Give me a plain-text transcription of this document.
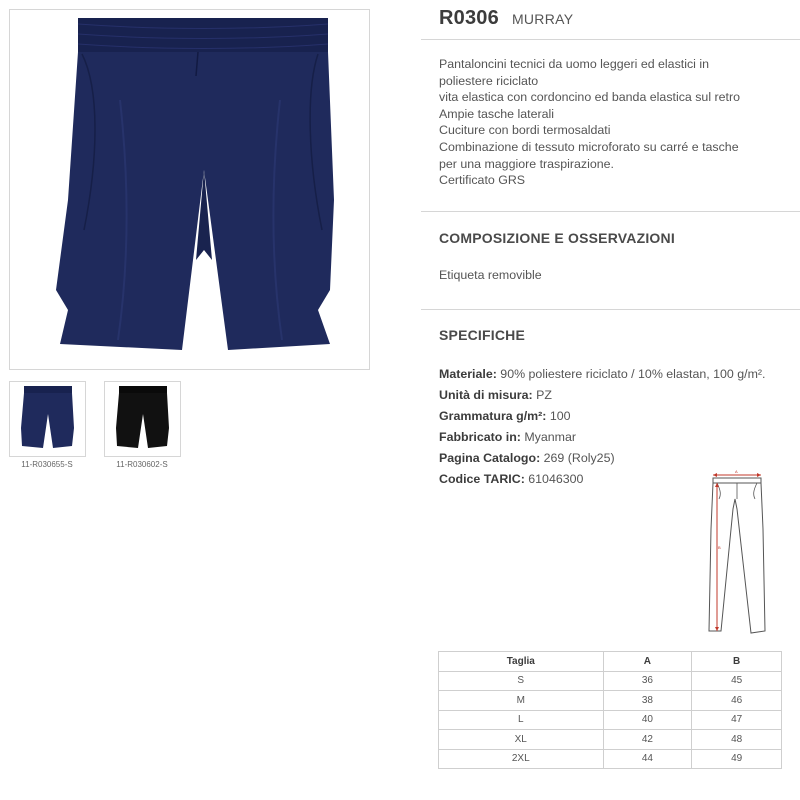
11-R030655-S	11-R030602-S
R0306 MURRAY
Pantaloncini tecnici da uomo leggeri ed elastici in
poliestere riciclato
vita elastica con cordoncino ed banda elastica sul retro
Ampie tasche laterali
Cuciture con bordi termosaldati
Combinazione di tessuto microforato su carré e tasche
per una maggiore traspirazione.
Certificato GRS
COMPOSIZIONE E OSSERVAZIONI
Etiqueta removible
SPECIFICHE
Materiale: 90% poliestere riciclato / 10% elastan, 100 g/m².
Unità di misura: PZ
Grammatura g/m²: 100
Fabbricato in: Myanmar
Pagina Catalogo: 269 (Roly25)
Codice TARIC: 61046300
A
B
Taglia	A	B
S	36	45
M	38	46
L	40	47
XL	42	48
2XL	44	49
